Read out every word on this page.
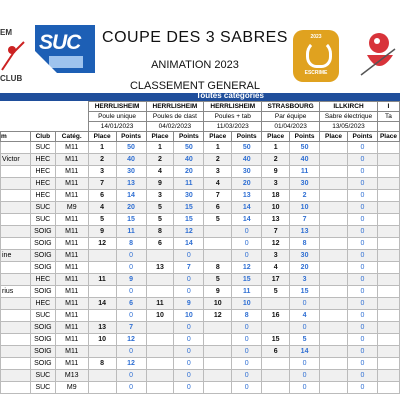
EM
CLUB
SUC COUPE DES 3 SABRES
ANIMATION 2023
CLASSEMENT GENERAL
2023
ESCRIME
Toutes catégories
			HERRLISHEIM		HERRLISHEIM		HERRLISHEIM		STRASBOURG		ILLKIRCH		I
			Poule unique		Poules de clast		Poules + tab		Par équipe		Sabre électrique		Ta
			14/01/2023		04/02/2023		11/03/2023		01/04/2023		13/05/2023		
m	Club	Catég.	Place	Points	Place	Points	Place	Points	Place	Points	Place	Points	Place
	SUC	M11	1	50	1	50	1	50	1	50		0	
Victor	HEC	M11	2	40	2	40	2	40	2	40		0	
	HEC	M11	3	30	4	20	3	30	9	11		0	
	HEC	M11	7	13	9	11	4	20	3	30		0	
	HEC	M11	6	14	3	30	7	13	18	2		0	
	SUC	M9	4	20	5	15	6	14	10	10		0	
	SUC	M11	5	15	5	15	5	14	13	7		0	
	SOIG	M11	9	11	8	12		0	7	13		0	
	SOIG	M11	12	8	6	14		0	12	8		0	
ine	SOIG	M11		0		0		0	3	30		0	
	SOIG	M11		0	13	7	8	12	4	20		0	
	HEC	M11	11	9		0	5	15	17	3		0	
rius	SOIG	M11		0		0	9	11	5	15		0	
	HEC	M11	14	6	11	9	10	10		0		0	
	SUC	M11		0	10	10	12	8	16	4		0	
	SOIG	M11	13	7		0		0		0		0	
	SOIG	M11	10	12		0		0	15	5		0	
	SOIG	M11		0		0		0	6	14		0	
	SOIG	M11	8	12		0		0		0		0	
	SUC	M13		0		0		0		0		0	
	SUC	M9		0		0		0		0		0	
